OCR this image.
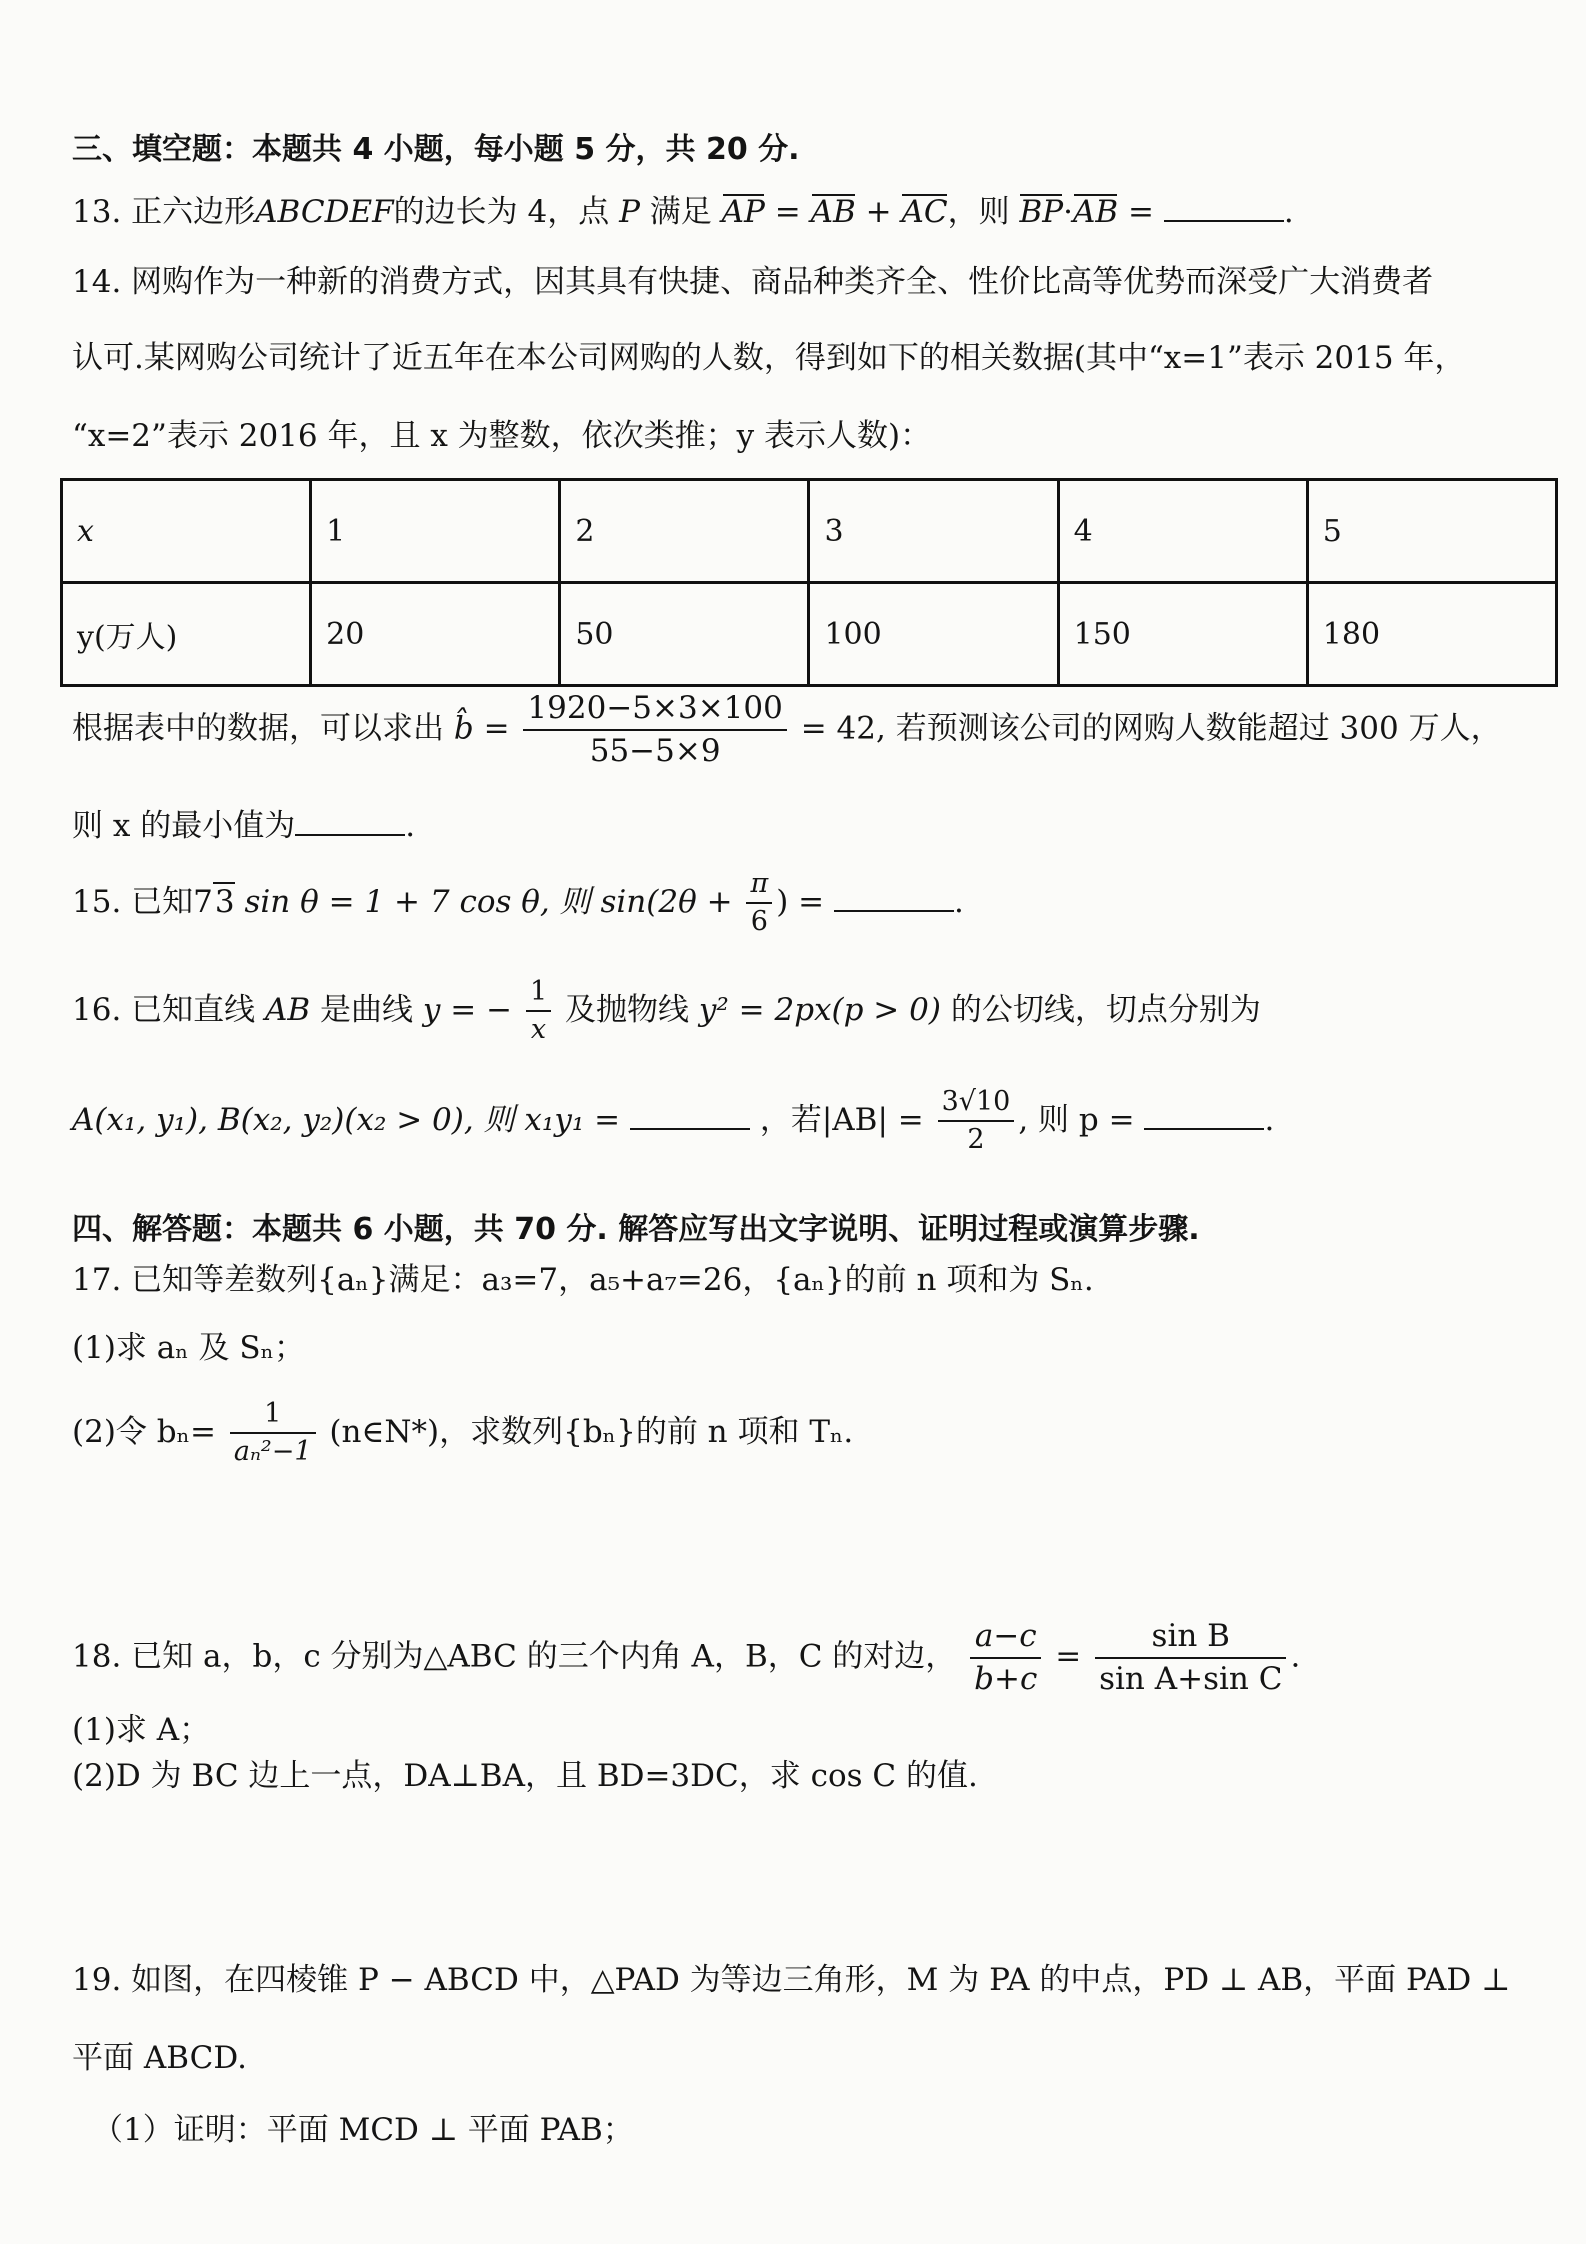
三、填空题：本题共 4 小题，每小题 5 分，共 20 分.
13. 正六边形ABCDEF的边长为 4，点 P 满足 AP = AB + AC，则 BP·AB =	.
14. 网购作为一种新的消费方式，因其具有快捷、商品种类齐全、性价比高等优势而深受广大消费者
认可.某网购公司统计了近五年在本公司网购的人数，得到如下的相关数据(其中“x=1”表示 2015 年，
“x=2”表示 2016 年，且 x 为整数，依次类推；y 表示人数)：
x	1	2	3	4	5
y(万人)	20	50	100	150	180
根据表中的数据，可以求出 b̂ = $\frac{1920-5\times 3\times 100}{55-5\times 9} = 42$, 若预测该公司的网购人数能超过 300 万人，
则 x 的最小值为	.
15. 已知73 sin θ = 1 + 7 cos θ, 则 $\sin(2\theta + \frac{\pi}{6}$ ) =	.
16. 已知直线 AB 是曲线 y = − $\frac{1}{x}$ 及抛物线 y² = 2px(p > 0) 的公切线，切点分别为
A(x₁, y₁), B(x₂, y₂)(x₂ > 0), 则 x₁y₁ =	，若$|AB| = \frac{3√10}{2}$ , 则 p =	.
四、解答题：本题共 6 小题，共 70 分. 解答应写出文字说明、证明过程或演算步骤.
17. 已知等差数列{aₙ}满足：a₃=7，a₅+a₇=26，{aₙ}的前 n 项和为 Sₙ.
(1)求 aₙ 及 Sₙ；
(2)令 $b_n= \frac{1}{\text{aₙ²−1}}$ (n∈N*)，求数列{bₙ}的前 n 项和 Tₙ.
18. 已知 a，b，c 分别为△ABC 的三个内角 A，B，C 的对边， $\frac{a-c}{b+c} = \frac{\text{sin B}}{\text{sin A+sin C}}$ .
(1)求 A；
(2)D 为 BC 边上一点，DA⊥BA，且 BD=3DC，求 cos C 的值.
19. 如图，在四棱锥 P − ABCD 中，△PAD 为等边三角形，M 为 PA 的中点，PD ⊥ AB，平面 PAD ⊥
平面 ABCD.
（1）证明：平面 MCD ⊥ 平面 PAB；
